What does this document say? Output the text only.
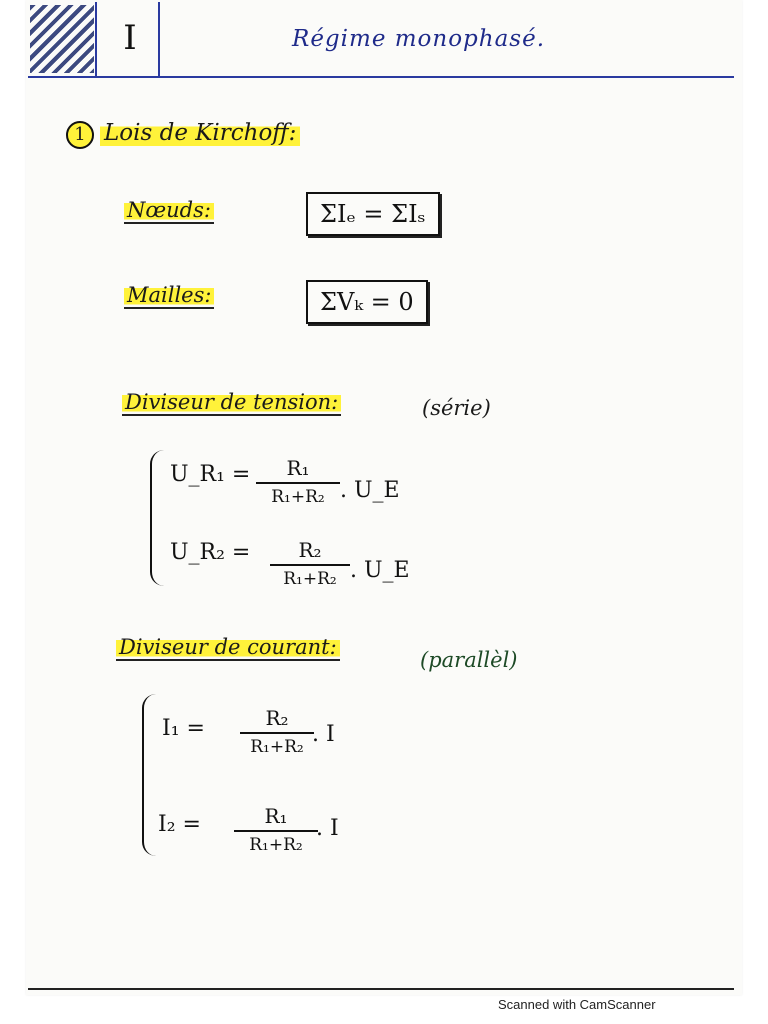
I	Régime monophasé.
1 Lois de Kirchoff:
Nœuds:	ΣIₑ = ΣIₛ
Mailles:	ΣVₖ = 0
Diviseur de tension:	(série)
U_R₁ =	R₁
R₁+R₂ . U_E
U_R₂ =	R₂
R₁+R₂ . U_E
Diviseur de courant:
(parallèl)
I₁ =	R₂
R₁+R₂ . I
I₂ =	R₁
R₁+R₂
. I
Scanned with CamScanner
